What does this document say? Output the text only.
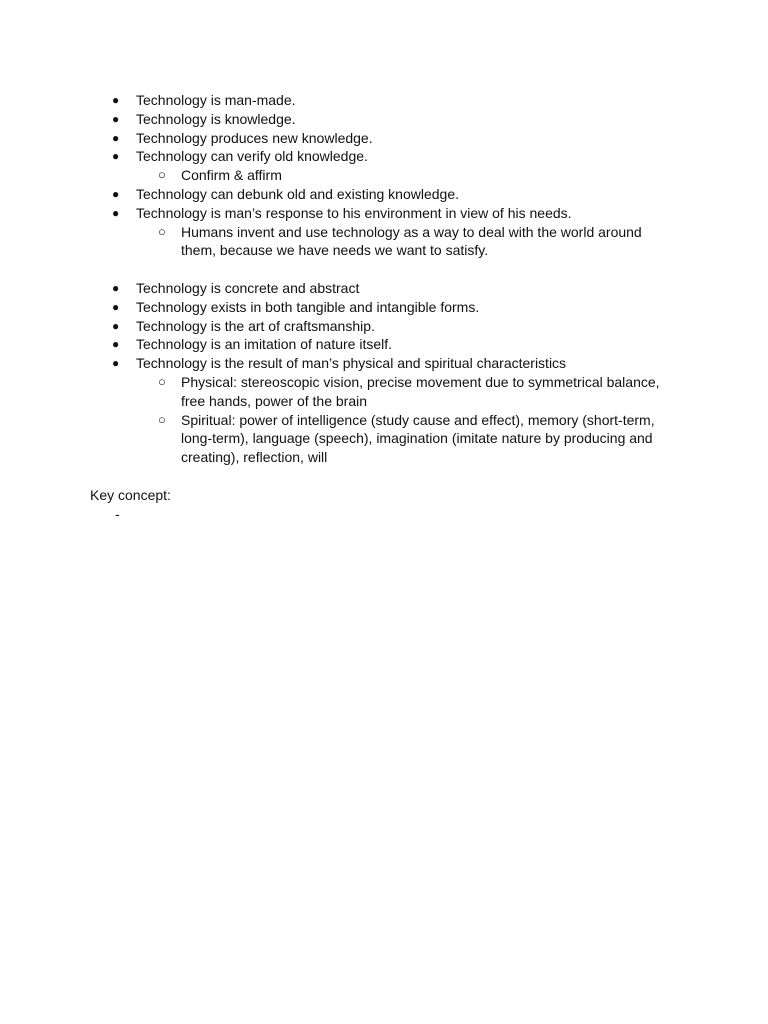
● Technology is man-made.
● Technology is knowledge.
● Technology produces new knowledge.
● Technology can verify old knowledge.
○ Confirm & affirm
● Technology can debunk old and existing knowledge.
● Technology is man’s response to his environment in view of his needs.
○ Humans invent and use technology as a way to deal with the world around them, because we have needs we want to satisfy.
● Technology is concrete and abstract
● Technology exists in both tangible and intangible forms.
● Technology is the art of craftsmanship.
● Technology is an imitation of nature itself.
● Technology is the result of man’s physical and spiritual characteristics
○ Physical: stereoscopic vision, precise movement due to symmetrical balance, free hands, power of the brain
○ Spiritual: power of intelligence (study cause and effect), memory (short-term, long-term), language (speech), imagination (imitate nature by producing and creating), reflection, will
Key concept:
-
